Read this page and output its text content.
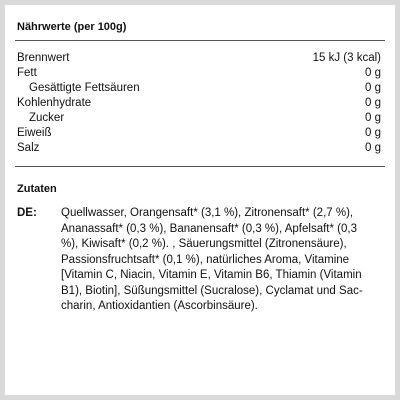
Nährwerte (per 100g)
Brennwert	15 kJ (3 kcal)
Fett	0 g
Gesättigte Fettsäuren	0 g
Kohlenhydrate	0 g
Zucker	0 g
Eiweiß	0 g
Salz	0 g
Zutaten
DE: Quellwasser, Orangensaft* (3,1 %), Zitronensaft* (2,7 %),
Ananassaft* (0,3 %), Bananensaft* (0,3 %), Apfelsaft* (0,3
%), Kiwisaft* (0,2 %). , Säuerungsmittel (Zitronensäure),
Passionsfruchtsaft* (0,1 %), natürliches Aroma, Vitamine
[Vitamin C, Niacin, Vitamin E, Vitamin B6, Thiamin (Vitamin
B1), Biotin], Süßungsmittel (Sucralose), Cyclamat und Sac-
charin, Antioxidantien (Ascorbinsäure).
